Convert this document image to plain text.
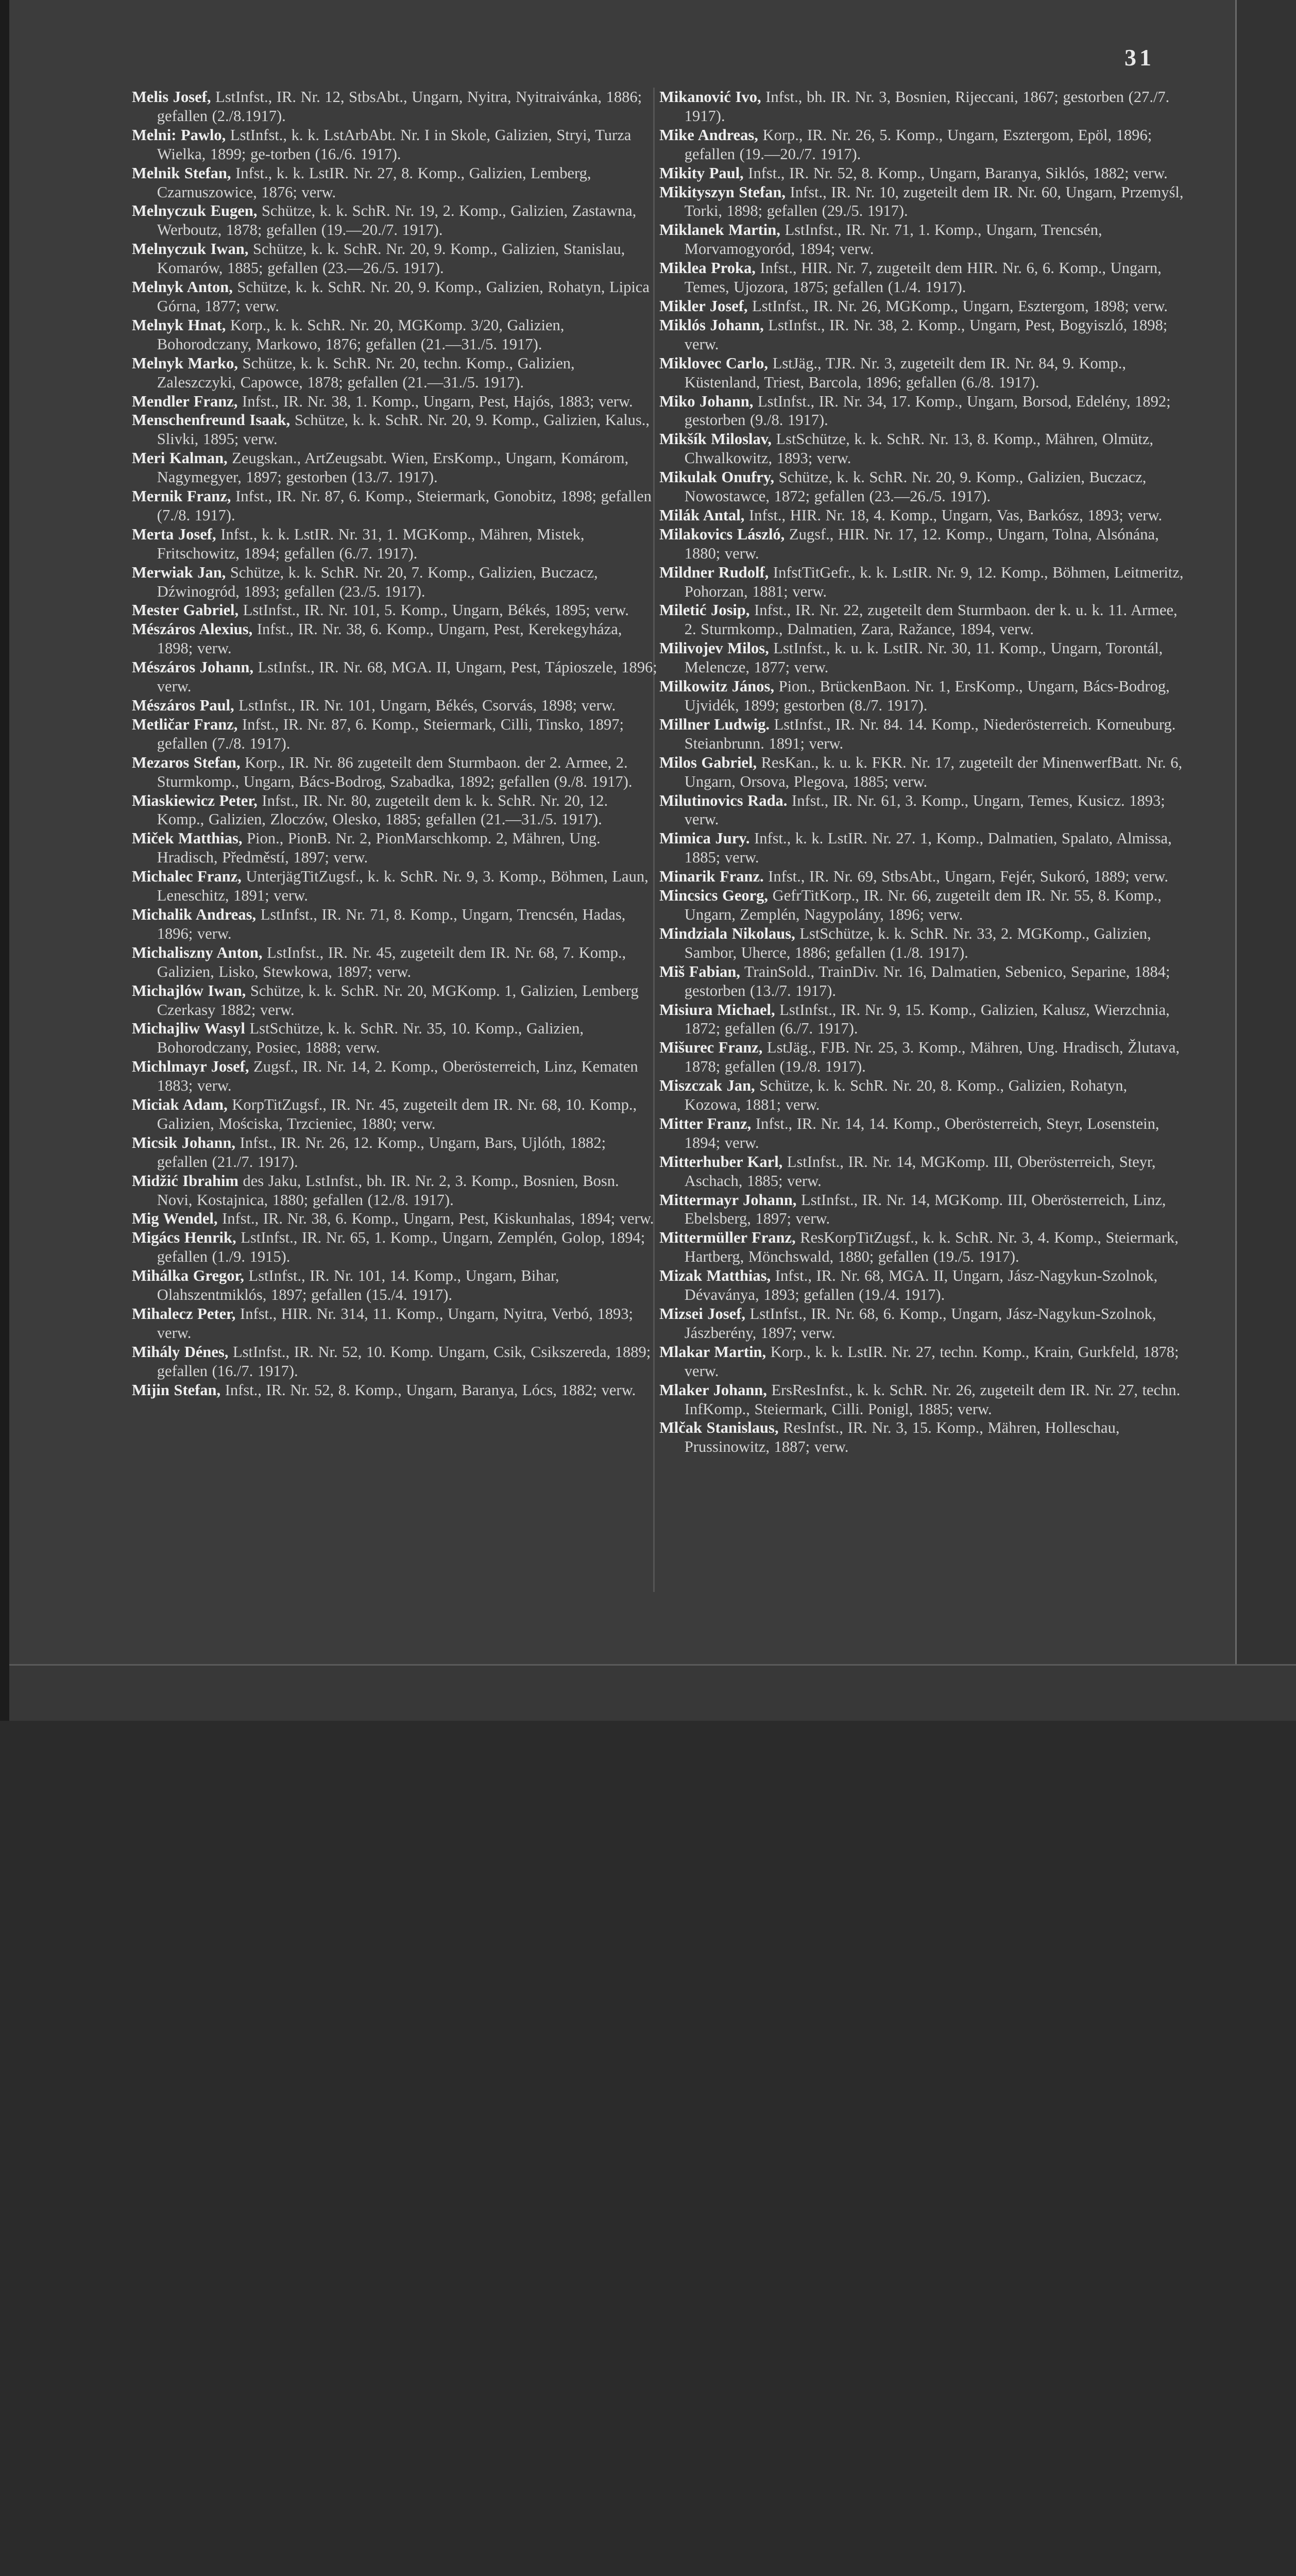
31

Melis Josef, LstInfst., IR. Nr. 12, StbsAbt., Ungarn, Nyitra, Nyitraivánka, 1886; gefallen (2./8.1917).

Melni: Pawlo, LstInfst., k. k. LstArbAbt. Nr. I in Skole, Galizien, Stryi, Turza Wielka, 1899; ge-torben (16./6. 1917).

Melnik Stefan, Infst., k. k. LstIR. Nr. 27, 8. Komp., Galizien, Lemberg, Czarnuszowice, 1876; verw.

Melnyczuk Eugen, Schütze, k. k. SchR. Nr. 19, 2. Komp., Galizien, Zastawna, Werboutz, 1878; gefallen (19.—20./7. 1917).

Melnyczuk Iwan, Schütze, k. k. SchR. Nr. 20, 9. Komp., Galizien, Stanislau, Komarów, 1885; gefallen (23.—26./5. 1917).

Melnyk Anton, Schütze, k. k. SchR. Nr. 20, 9. Komp., Galizien, Rohatyn, Lipica Górna, 1877; verw.

Melnyk Hnat, Korp., k. k. SchR. Nr. 20, MGKomp. 3/20, Galizien, Bohorodczany, Markowo, 1876; gefallen (21.—31./5. 1917).

Melnyk Marko, Schütze, k. k. SchR. Nr. 20, techn. Komp., Galizien, Zaleszczyki, Capowce, 1878; gefallen (21.—31./5. 1917).

Mendler Franz, Infst., IR. Nr. 38, 1. Komp., Ungarn, Pest, Hajós, 1883; verw.

Menschenfreund Isaak, Schütze, k. k. SchR. Nr. 20, 9. Komp., Galizien, Kalus., Slivki, 1895; verw.

Meri Kalman, Zeugskan., ArtZeugsabt. Wien, ErsKomp., Ungarn, Komárom, Nagymegyer, 1897; gestorben (13./7. 1917).

Mernik Franz, Infst., IR. Nr. 87, 6. Komp., Steiermark, Gonobitz, 1898; gefallen (7./8. 1917).

Merta Josef, Infst., k. k. LstIR. Nr. 31, 1. MGKomp., Mähren, Mistek, Fritschowitz, 1894; gefallen (6./7. 1917).

Merwiak Jan, Schütze, k. k. SchR. Nr. 20, 7. Komp., Galizien, Buczacz, Dźwinogród, 1893; gefallen (23./5. 1917).

Mester Gabriel, LstInfst., IR. Nr. 101, 5. Komp., Ungarn, Békés, 1895; verw.

Mészáros Alexius, Infst., IR. Nr. 38, 6. Komp., Ungarn, Pest, Kerekegyháza, 1898; verw.

Mészáros Johann, LstInfst., IR. Nr. 68, MGA. II, Ungarn, Pest, Tápioszele, 1896; verw.

Mészáros Paul, LstInfst., IR. Nr. 101, Ungarn, Békés, Csorvás, 1898; verw.

Metličar Franz, Infst., IR. Nr. 87, 6. Komp., Steiermark, Cilli, Tinsko, 1897; gefallen (7./8. 1917).

Mezaros Stefan, Korp., IR. Nr. 86 zugeteilt dem Sturmbaon. der 2. Armee, 2. Sturmkomp., Ungarn, Bács-Bodrog, Szabadka, 1892; gefallen (9./8. 1917).

Miaskiewicz Peter, Infst., IR. Nr. 80, zugeteilt dem k. k. SchR. Nr. 20, 12. Komp., Galizien, Zloczów, Olesko, 1885; gefallen (21.—31./5. 1917).

Miček Matthias, Pion., PionB. Nr. 2, PionMarschkomp. 2, Mähren, Ung. Hradisch, Předměstí, 1897; verw.

Michalec Franz, UnterjägTitZugsf., k. k. SchR. Nr. 9, 3. Komp., Böhmen, Laun, Leneschitz, 1891; verw.

Michalik Andreas, LstInfst., IR. Nr. 71, 8. Komp., Ungarn, Trencsén, Hadas, 1896; verw.

Michaliszny Anton, LstInfst., IR. Nr. 45, zugeteilt dem IR. Nr. 68, 7. Komp., Galizien, Lisko, Stewkowa, 1897; verw.

Michajlów Iwan, Schütze, k. k. SchR. Nr. 20, MGKomp. 1, Galizien, Lemberg Czerkasy 1882; verw.

Michajliw Wasyl LstSchütze, k. k. SchR. Nr. 35, 10. Komp., Galizien, Bohorodczany, Posiec, 1888; verw.

Michlmayr Josef, Zugsf., IR. Nr. 14, 2. Komp., Oberösterreich, Linz, Kematen 1883; verw.

Miciak Adam, KorpTitZugsf., IR. Nr. 45, zugeteilt dem IR. Nr. 68, 10. Komp., Galizien, Mościska, Trzcieniec, 1880; verw.

Micsik Johann, Infst., IR. Nr. 26, 12. Komp., Ungarn, Bars, Ujlóth, 1882; gefallen (21./7. 1917).

Midžić Ibrahim des Jaku, LstInfst., bh. IR. Nr. 2, 3. Komp., Bosnien, Bosn. Novi, Kostajnica, 1880; gefallen (12./8. 1917).

Mig Wendel, Infst., IR. Nr. 38, 6. Komp., Ungarn, Pest, Kiskunhalas, 1894; verw.

Migács Henrik, LstInfst., IR. Nr. 65, 1. Komp., Ungarn, Zemplén, Golop, 1894; gefallen (1./9. 1915).

Mihálka Gregor, LstInfst., IR. Nr. 101, 14. Komp., Ungarn, Bihar, Olahszentmiklós, 1897; gefallen (15./4. 1917).

Mihalecz Peter, Infst., HIR. Nr. 314, 11. Komp., Ungarn, Nyitra, Verbó, 1893; verw.

Mihály Dénes, LstInfst., IR. Nr. 52, 10. Komp. Ungarn, Csik, Csikszereda, 1889; gefallen (16./7. 1917).

Mijin Stefan, Infst., IR. Nr. 52, 8. Komp., Ungarn, Baranya, Lócs, 1882; verw.

Mikanović Ivo, Infst., bh. IR. Nr. 3, Bosnien, Rijeccani, 1867; gestorben (27./7. 1917).

Mike Andreas, Korp., IR. Nr. 26, 5. Komp., Ungarn, Esztergom, Epöl, 1896; gefallen (19.—20./7. 1917).

Mikity Paul, Infst., IR. Nr. 52, 8. Komp., Ungarn, Baranya, Siklós, 1882; verw.

Mikityszyn Stefan, Infst., IR. Nr. 10, zugeteilt dem IR. Nr. 60, Ungarn, Przemyśl, Torki, 1898; gefallen (29./5. 1917).

Miklanek Martin, LstInfst., IR. Nr. 71, 1. Komp., Ungarn, Trencsén, Morvamogyoród, 1894; verw.

Miklea Proka, Infst., HIR. Nr. 7, zugeteilt dem HIR. Nr. 6, 6. Komp., Ungarn, Temes, Ujozora, 1875; gefallen (1./4. 1917).

Mikler Josef, LstInfst., IR. Nr. 26, MGKomp., Ungarn, Esztergom, 1898; verw.

Miklós Johann, LstInfst., IR. Nr. 38, 2. Komp., Ungarn, Pest, Bogyiszló, 1898; verw.

Miklovec Carlo, LstJäg., TJR. Nr. 3, zugeteilt dem IR. Nr. 84, 9. Komp., Küstenland, Triest, Barcola, 1896; gefallen (6./8. 1917).

Miko Johann, LstInfst., IR. Nr. 34, 17. Komp., Ungarn, Borsod, Edelény, 1892; gestorben (9./8. 1917).

Mikšík Miloslav, LstSchütze, k. k. SchR. Nr. 13, 8. Komp., Mähren, Olmütz, Chwalkowitz, 1893; verw.

Mikulak Onufry, Schütze, k. k. SchR. Nr. 20, 9. Komp., Galizien, Buczacz, Nowostawce, 1872; gefallen (23.—26./5. 1917).

Milák Antal, Infst., HIR. Nr. 18, 4. Komp., Ungarn, Vas, Barkósz, 1893; verw.

Milakovics László, Zugsf., HIR. Nr. 17, 12. Komp., Ungarn, Tolna, Alsónána, 1880; verw.

Mildner Rudolf, InfstTitGefr., k. k. LstIR. Nr. 9, 12. Komp., Böhmen, Leitmeritz, Pohorzan, 1881; verw.

Miletić Josip, Infst., IR. Nr. 22, zugeteilt dem Sturmbaon. der k. u. k. 11. Armee, 2. Sturmkomp., Dalmatien, Zara, Ražance, 1894, verw.

Milivojev Milos, LstInfst., k. u. k. LstIR. Nr. 30, 11. Komp., Ungarn, Torontál, Melencze, 1877; verw.

Milkowitz János, Pion., BrückenBaon. Nr. 1, ErsKomp., Ungarn, Bács-Bodrog, Ujvidék, 1899; gestorben (8./7. 1917).

Millner Ludwig. LstInfst., IR. Nr. 84. 14. Komp., Niederösterreich. Korneuburg. Steianbrunn. 1891; verw.

Milos Gabriel, ResKan., k. u. k. FKR. Nr. 17, zugeteilt der MinenwerfBatt. Nr. 6, Ungarn, Orsova, Plegova, 1885; verw.

Milutinovics Rada. Infst., IR. Nr. 61, 3. Komp., Ungarn, Temes, Kusicz. 1893; verw.

Mimica Jury. Infst., k. k. LstIR. Nr. 27. 1, Komp., Dalmatien, Spalato, Almissa, 1885; verw.

Minarik Franz. Infst., IR. Nr. 69, StbsAbt., Ungarn, Fejér, Sukoró, 1889; verw.

Mincsics Georg, GefrTitKorp., IR. Nr. 66, zugeteilt dem IR. Nr. 55, 8. Komp., Ungarn, Zemplén, Nagypolány, 1896; verw.

Mindziala Nikolaus, LstSchütze, k. k. SchR. Nr. 33, 2. MGKomp., Galizien, Sambor, Uherce, 1886; gefallen (1./8. 1917).

Miš Fabian, TrainSold., TrainDiv. Nr. 16, Dalmatien, Sebenico, Separine, 1884; gestorben (13./7. 1917).

Misiura Michael, LstInfst., IR. Nr. 9, 15. Komp., Galizien, Kalusz, Wierzchnia, 1872; gefallen (6./7. 1917).

Mišurec Franz, LstJäg., FJB. Nr. 25, 3. Komp., Mähren, Ung. Hradisch, Žlutava, 1878; gefallen (19./8. 1917).

Miszczak Jan, Schütze, k. k. SchR. Nr. 20, 8. Komp., Galizien, Rohatyn, Kozowa, 1881; verw.

Mitter Franz, Infst., IR. Nr. 14, 14. Komp., Oberösterreich, Steyr, Losenstein, 1894; verw.

Mitterhuber Karl, LstInfst., IR. Nr. 14, MGKomp. III, Oberösterreich, Steyr, Aschach, 1885; verw.

Mittermayr Johann, LstInfst., IR. Nr. 14, MGKomp. III, Oberösterreich, Linz, Ebelsberg, 1897; verw.

Mittermüller Franz, ResKorpTitZugsf., k. k. SchR. Nr. 3, 4. Komp., Steiermark, Hartberg, Mönchswald, 1880; gefallen (19./5. 1917).

Mizak Matthias, Infst., IR. Nr. 68, MGA. II, Ungarn, Jász-Nagykun-Szolnok, Dévaványa, 1893; gefallen (19./4. 1917).

Mizsei Josef, LstInfst., IR. Nr. 68, 6. Komp., Ungarn, Jász-Nagykun-Szolnok, Jászberény, 1897; verw.

Mlakar Martin, Korp., k. k. LstIR. Nr. 27, techn. Komp., Krain, Gurkfeld, 1878; verw.

Mlaker Johann, ErsResInfst., k. k. SchR. Nr. 26, zugeteilt dem IR. Nr. 27, techn. InfKomp., Steiermark, Cilli. Ponigl, 1885; verw.

Mlčak Stanislaus, ResInfst., IR. Nr. 3, 15. Komp., Mähren, Holleschau, Prussinowitz, 1887; verw.
